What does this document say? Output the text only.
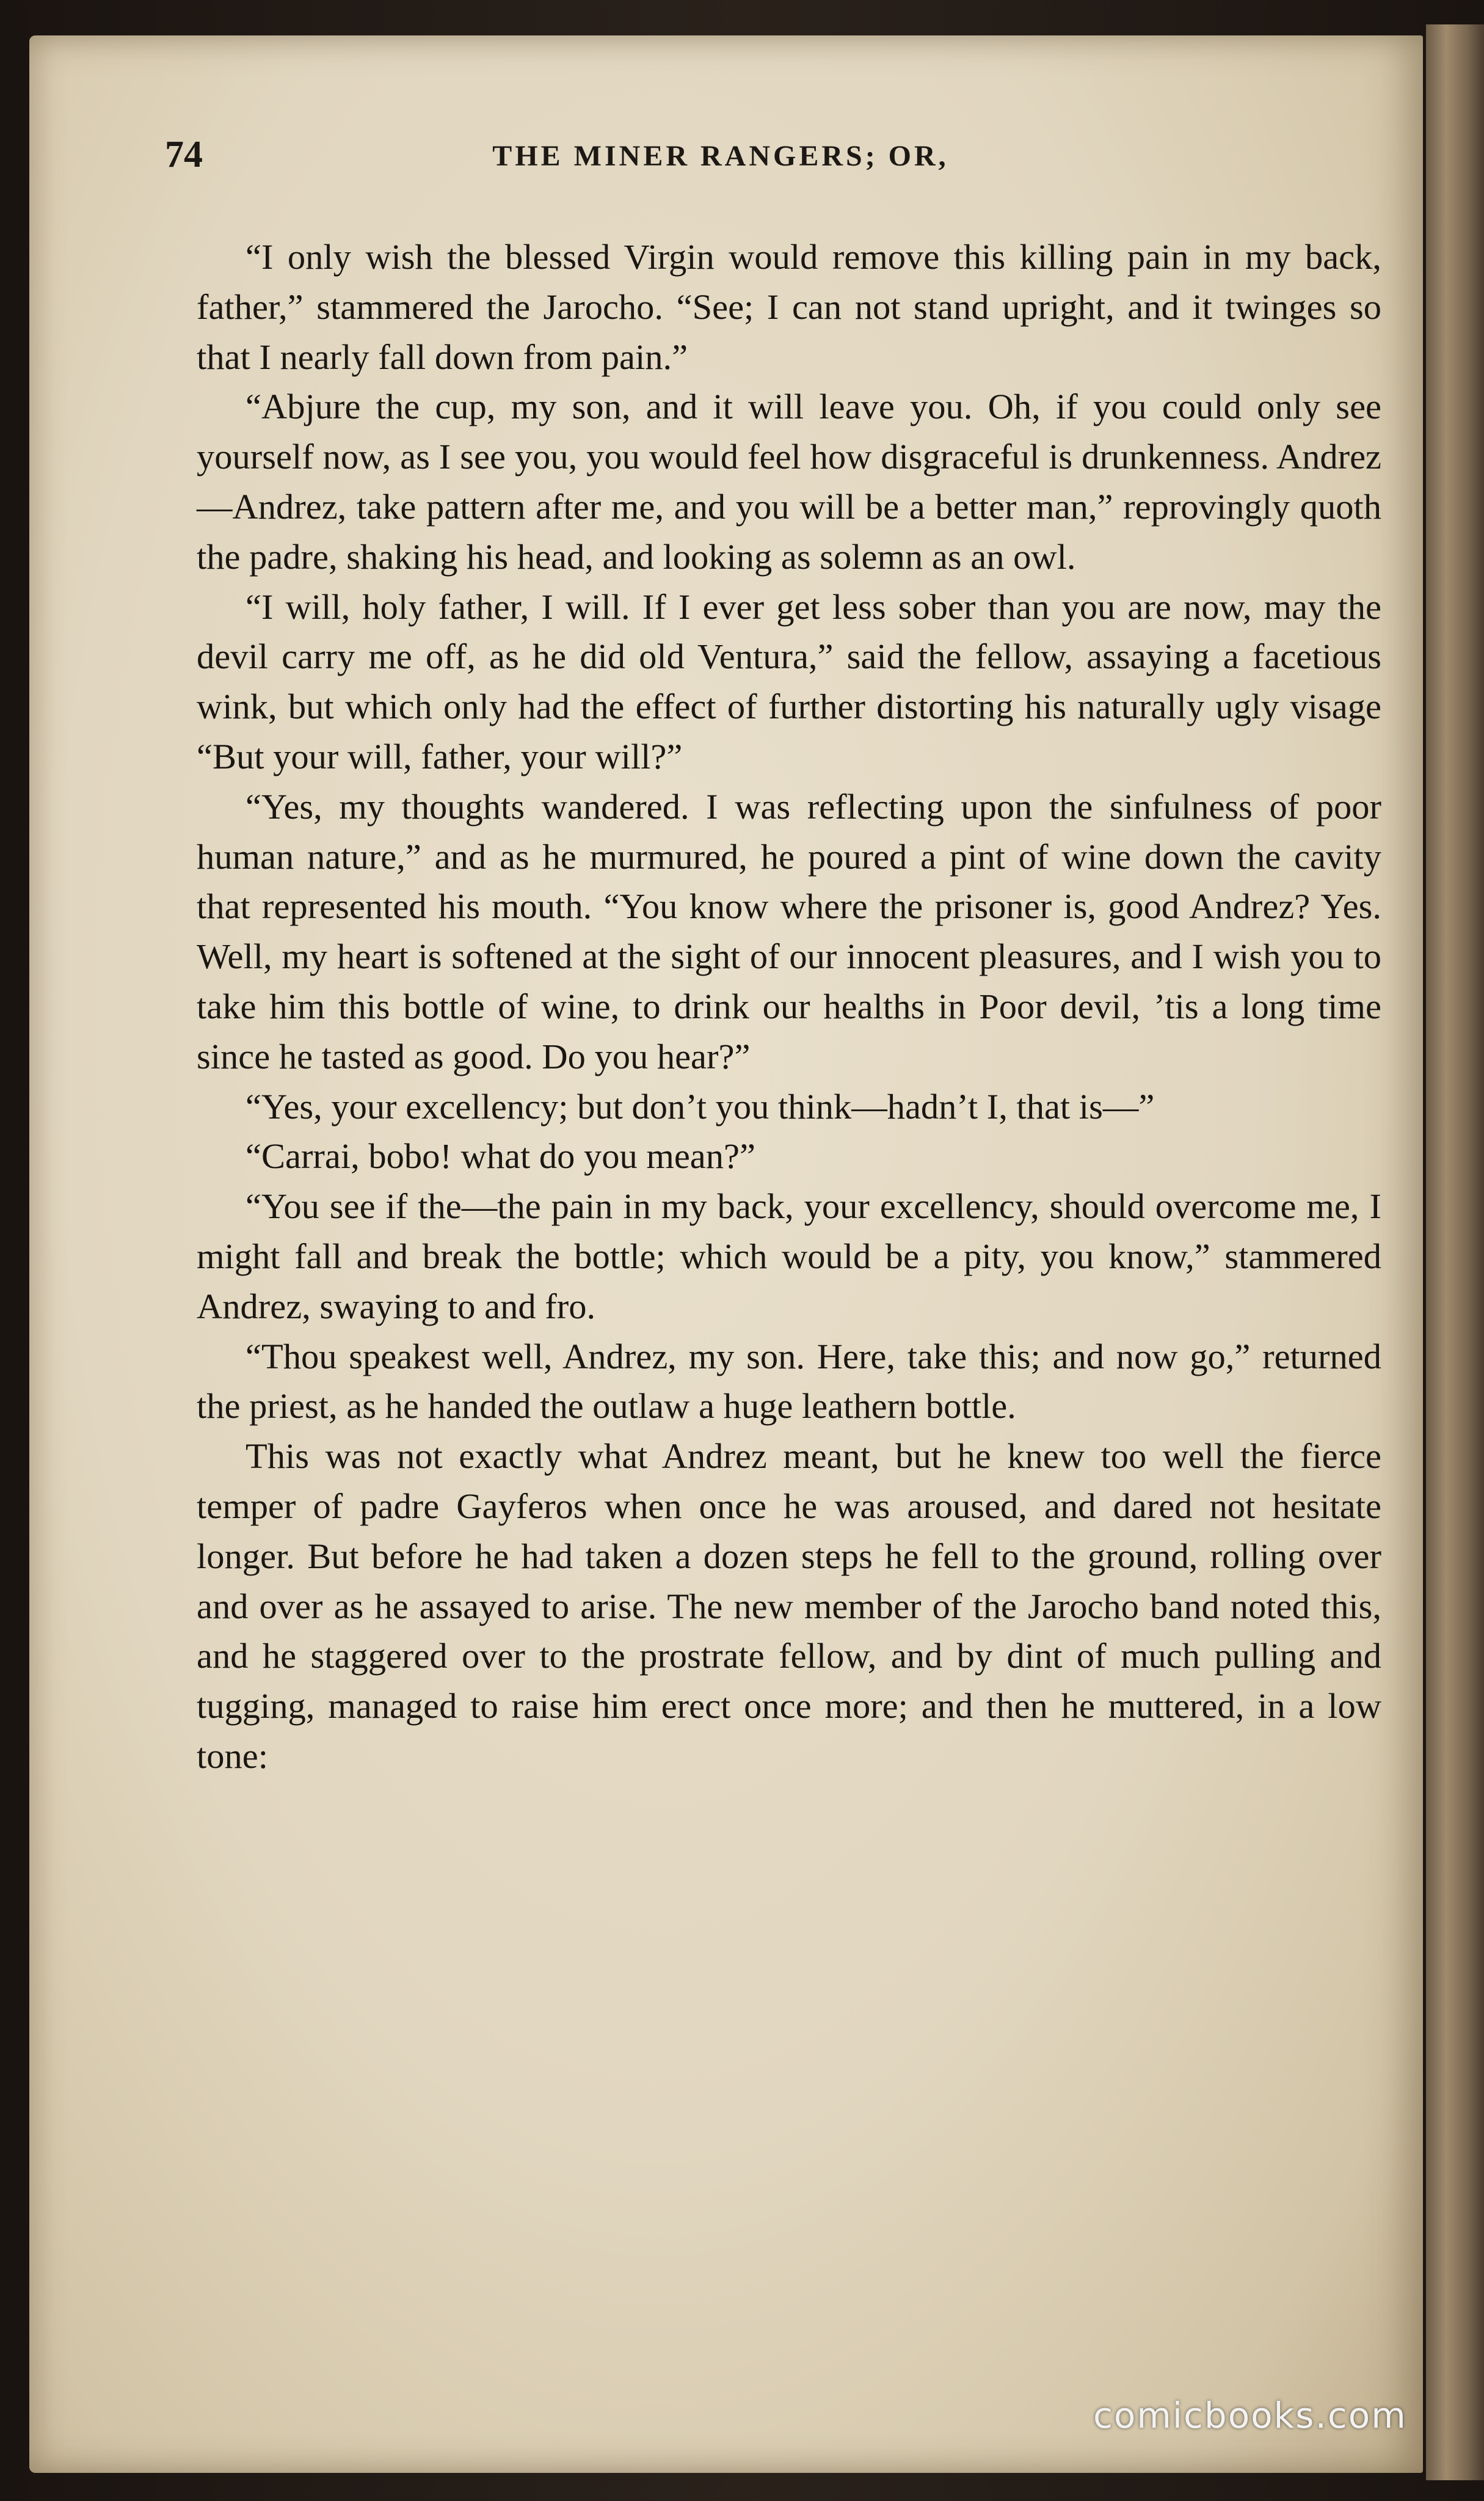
74	THE MINER RANGERS; OR,

“I only wish the blessed Virgin would remove this killing pain in my back, father,” stammered the Jarocho. “See; I can not stand upright, and it twinges so that I nearly fall down from pain.”

“Abjure the cup, my son, and it will leave you. Oh, if you could only see yourself now, as I see you, you would feel how disgraceful is drunkenness. Andrez—Andrez, take pattern after me, and you will be a better man,” reprovingly quoth the padre, shaking his head, and looking as solemn as an owl.

“I will, holy father, I will. If I ever get less sober than you are now, may the devil carry me off, as he did old Ventura,” said the fellow, assaying a facetious wink, but which only had the effect of further distorting his naturally ugly visage “But your will, father, your will?”

“Yes, my thoughts wandered. I was reflecting upon the sinfulness of poor human nature,” and as he murmured, he poured a pint of wine down the cavity that represented his mouth. “You know where the prisoner is, good Andrez? Yes. Well, my heart is softened at the sight of our innocent pleasures, and I wish you to take him this bottle of wine, to drink our healths in Poor devil, ’tis a long time since he tasted as good. Do you hear?”

“Yes, your excellency; but don’t you think—hadn’t I, that is—”

“Carrai, bobo! what do you mean?”

“You see if the—the pain in my back, your excellency, should overcome me, I might fall and break the bottle; which would be a pity, you know,” stammered Andrez, swaying to and fro.

“Thou speakest well, Andrez, my son. Here, take this; and now go,” returned the priest, as he handed the outlaw a huge leathern bottle.

This was not exactly what Andrez meant, but he knew too well the fierce temper of padre Gayferos when once he was aroused, and dared not hesitate longer. But before he had taken a dozen steps he fell to the ground, rolling over and over as he assayed to arise. The new member of the Jarocho band noted this, and he staggered over to the prostrate fellow, and by dint of much pulling and tugging, managed to raise him erect once more; and then he muttered, in a low tone:

comicbooks.com
